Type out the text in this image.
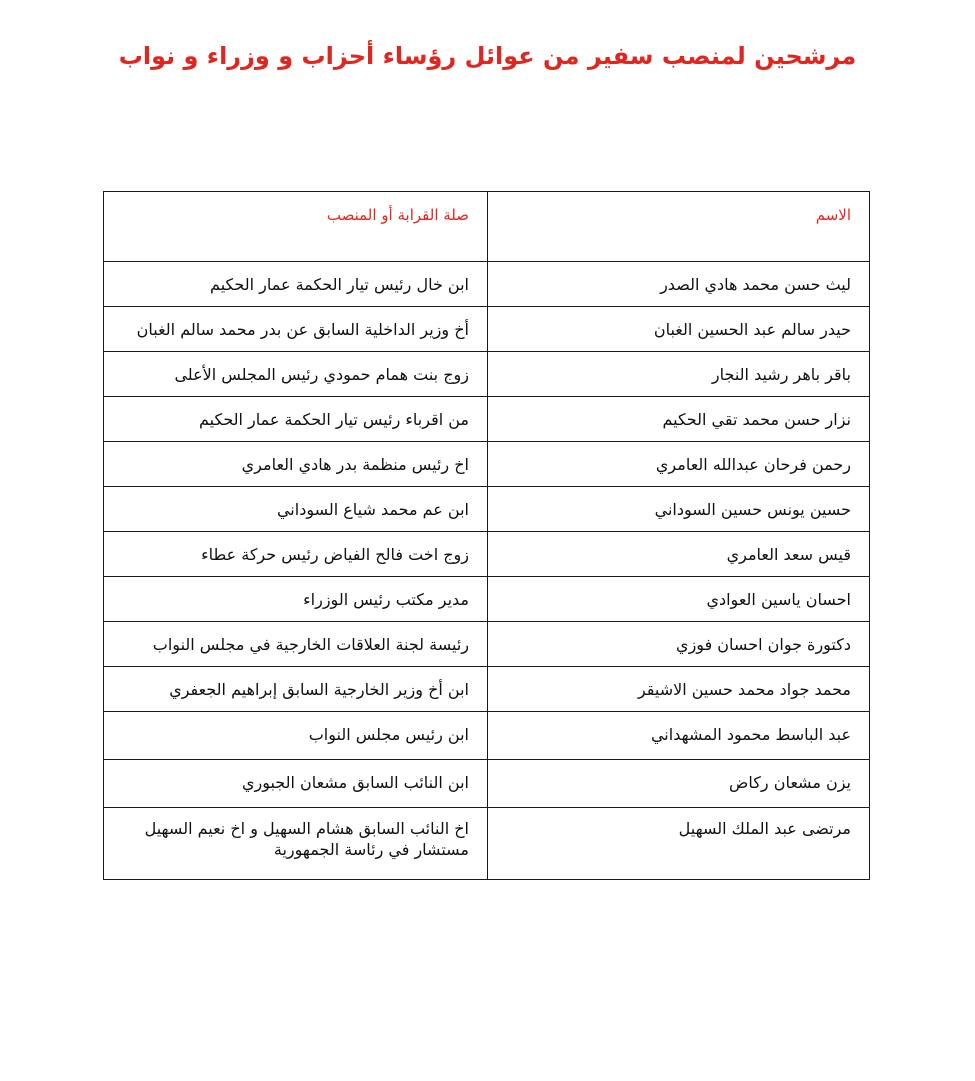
مرشحين لمنصب سفير من عوائل رؤساء أحزاب و وزراء و نواب
الاسم	صلة القرابة أو المنصب
ليث حسن محمد هادي الصدر	ابن خال رئيس تيار الحكمة عمار الحكيم
حيدر سالم عبد الحسين الغبان	أخ وزير الداخلية السابق عن بدر محمد سالم الغبان
باقر باهر رشيد النجار	زوج بنت همام حمودي رئيس المجلس الأعلى
نزار حسن محمد تقي الحكيم	من اقرباء رئيس تيار الحكمة عمار الحكيم
رحمن فرحان عبدالله العامري	اخ رئيس منظمة بدر هادي العامري
حسين يونس حسين السوداني	ابن عم محمد شياع السوداني
قيس سعد العامري	زوج اخت فالح الفياض رئيس حركة عطاء
احسان ياسين العوادي	مدير مكتب رئيس الوزراء
دكتورة جوان احسان فوزي	رئيسة لجنة العلاقات الخارجية في مجلس النواب
محمد جواد محمد حسين الاشيقر	ابن أخ وزير الخارجية السابق إبراهيم الجعفري
عبد الباسط محمود المشهداني	ابن رئيس مجلس النواب
يزن مشعان ركاض	ابن النائب السابق مشعان الجبوري
مرتضى عبد الملك السهيل	اخ النائب السابق هشام السهيل و اخ نعيم السهيل مستشار في رئاسة الجمهورية
